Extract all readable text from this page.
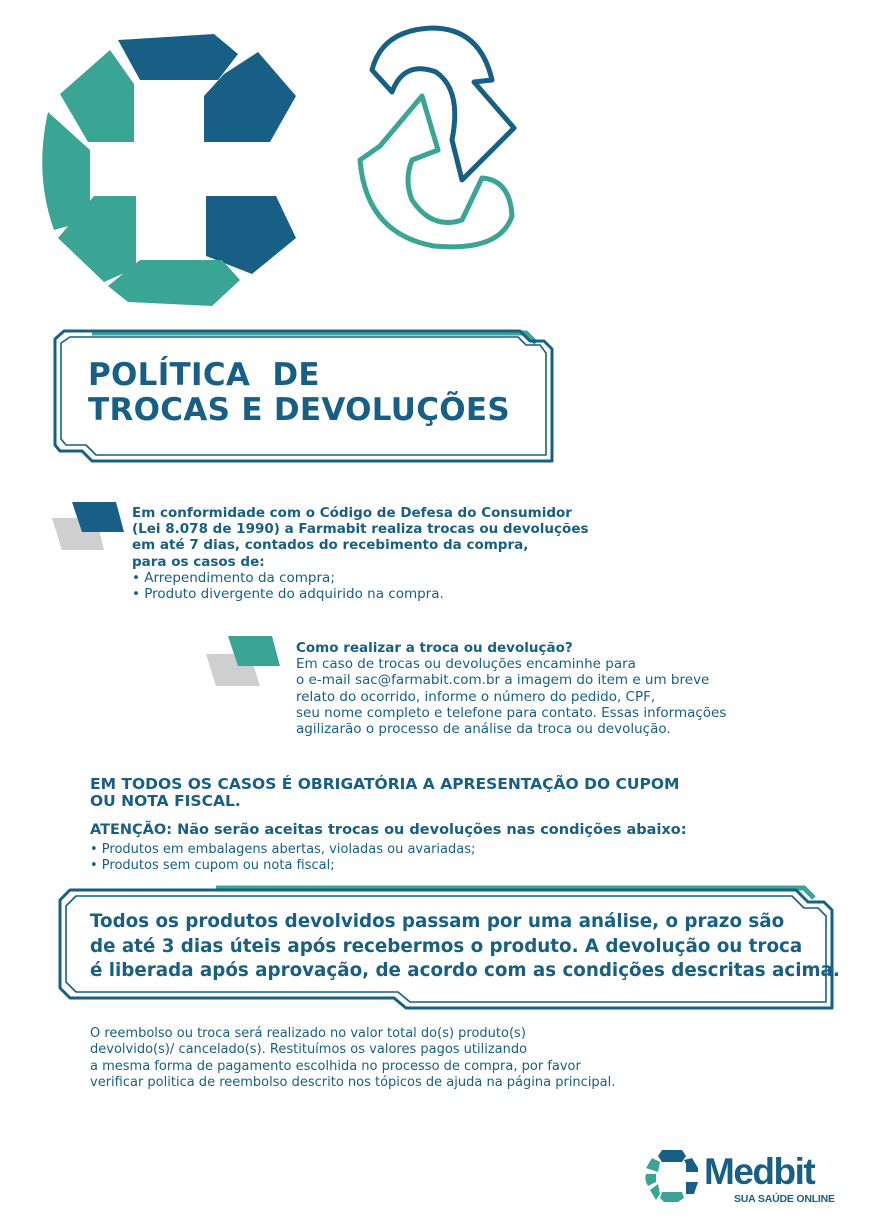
POLÍTICA  DE
TROCAS E DEVOLUÇÕES
Em conformidade com o Código de Defesa do Consumidor
(Lei 8.078 de 1990) a Farmabit realiza trocas ou devoluções
em até 7 dias, contados do recebimento da compra,
para os casos de:
• Arrependimento da compra;
• Produto divergente do adquirido na compra.
Como realizar a troca ou devolução?
Em caso de trocas ou devoluções encaminhe para
o e-mail sac@farmabit.com.br a imagem do item e um breve
relato do ocorrido, informe o número do pedido, CPF,
seu nome completo e telefone para contato. Essas informações
agilizarão o processo de análise da troca ou devolução.
EM TODOS OS CASOS É OBRIGATÓRIA A APRESENTAÇÃO DO CUPOM
OU NOTA FISCAL.
ATENÇÃO: Não serão aceitas trocas ou devoluções nas condições abaixo:
• Produtos em embalagens abertas, violadas ou avariadas;
• Produtos sem cupom ou nota fiscal;
Todos os produtos devolvidos passam por uma análise, o prazo são
de até 3 dias úteis após recebermos o produto. A devolução ou troca
é liberada após aprovação, de acordo com as condições descritas acima.
O reembolso ou troca será realizado no valor total do(s) produto(s)
devolvido(s)/ cancelado(s). Restituímos os valores pagos utilizando
a mesma forma de pagamento escolhida no processo de compra, por favor
verificar politica de reembolso descrito nos tópicos de ajuda na página principal.
Medbit
SUA SAÚDE ONLINE
